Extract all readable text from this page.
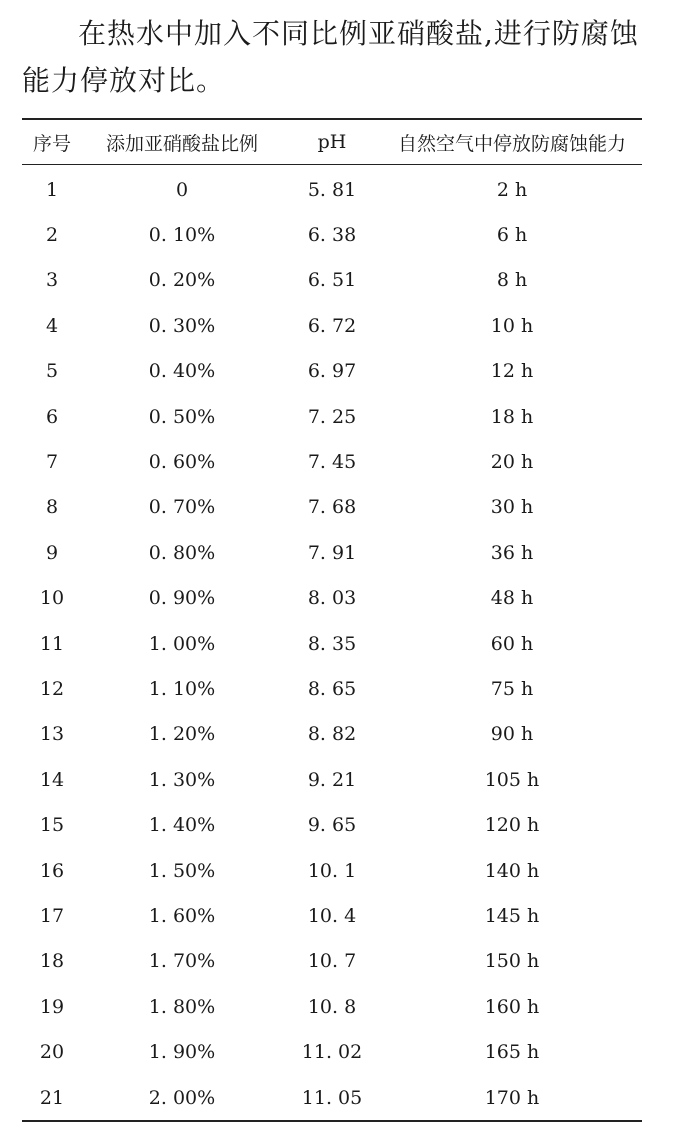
在热水中加入不同比例亚硝酸盐,进行防腐蚀能力停放对比。

序号	添加亚硝酸盐比例	pH	自然空气中停放防腐蚀能力
1	0	5. 81	2 h
2	0. 10%	6. 38	6 h
3	0. 20%	6. 51	8 h
4	0. 30%	6. 72	10 h
5	0. 40%	6. 97	12 h
6	0. 50%	7. 25	18 h
7	0. 60%	7. 45	20 h
8	0. 70%	7. 68	30 h
9	0. 80%	7. 91	36 h
10	0. 90%	8. 03	48 h
11	1. 00%	8. 35	60 h
12	1. 10%	8. 65	75 h
13	1. 20%	8. 82	90 h
14	1. 30%	9. 21	105 h
15	1. 40%	9. 65	120 h
16	1. 50%	10. 1	140 h
17	1. 60%	10. 4	145 h
18	1. 70%	10. 7	150 h
19	1. 80%	10. 8	160 h
20	1. 90%	11. 02	165 h
21	2. 00%	11. 05	170 h
